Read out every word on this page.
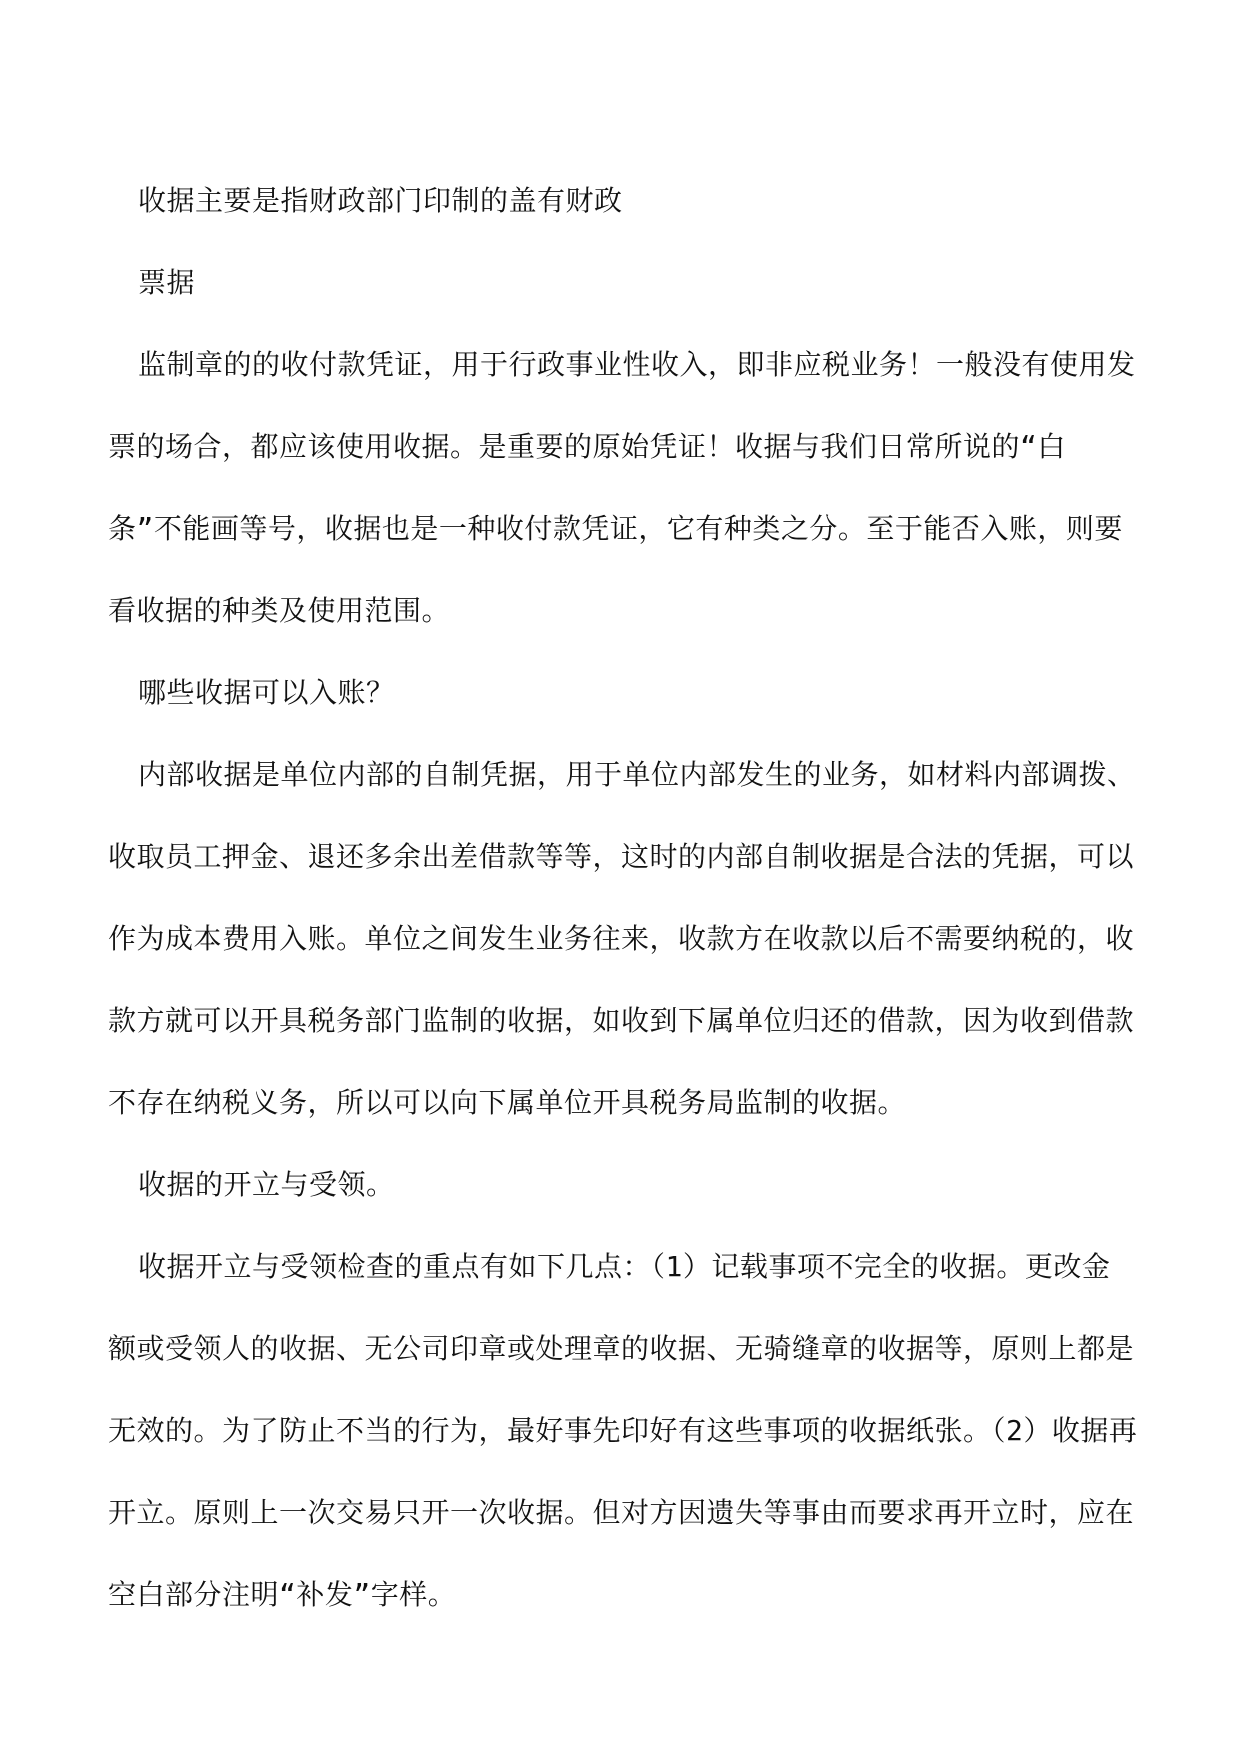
收据主要是指财政部门印制的盖有财政

票据

监制章的的收付款凭证，用于行政事业性收入，即非应税业务！一般没有使用发票的场合，都应该使用收据。是重要的原始凭证！收据与我们日常所说的“白条”不能画等号，收据也是一种收付款凭证，它有种类之分。至于能否入账，则要看收据的种类及使用范围。

哪些收据可以入账？

内部收据是单位内部的自制凭据，用于单位内部发生的业务，如材料内部调拨、收取员工押金、退还多余出差借款等等，这时的内部自制收据是合法的凭据，可以作为成本费用入账。单位之间发生业务往来，收款方在收款以后不需要纳税的，收款方就可以开具税务部门监制的收据，如收到下属单位归还的借款，因为收到借款不存在纳税义务，所以可以向下属单位开具税务局监制的收据。

收据的开立与受领。

收据开立与受领检查的重点有如下几点：（1）记载事项不完全的收据。更改金额或受领人的收据、无公司印章或处理章的收据、无骑缝章的收据等，原则上都是无效的。为了防止不当的行为，最好事先印好有这些事项的收据纸张。（2）收据再开立。原则上一次交易只开一次收据。但对方因遗失等事由而要求再开立时，应在空白部分注明“补发”字样。
